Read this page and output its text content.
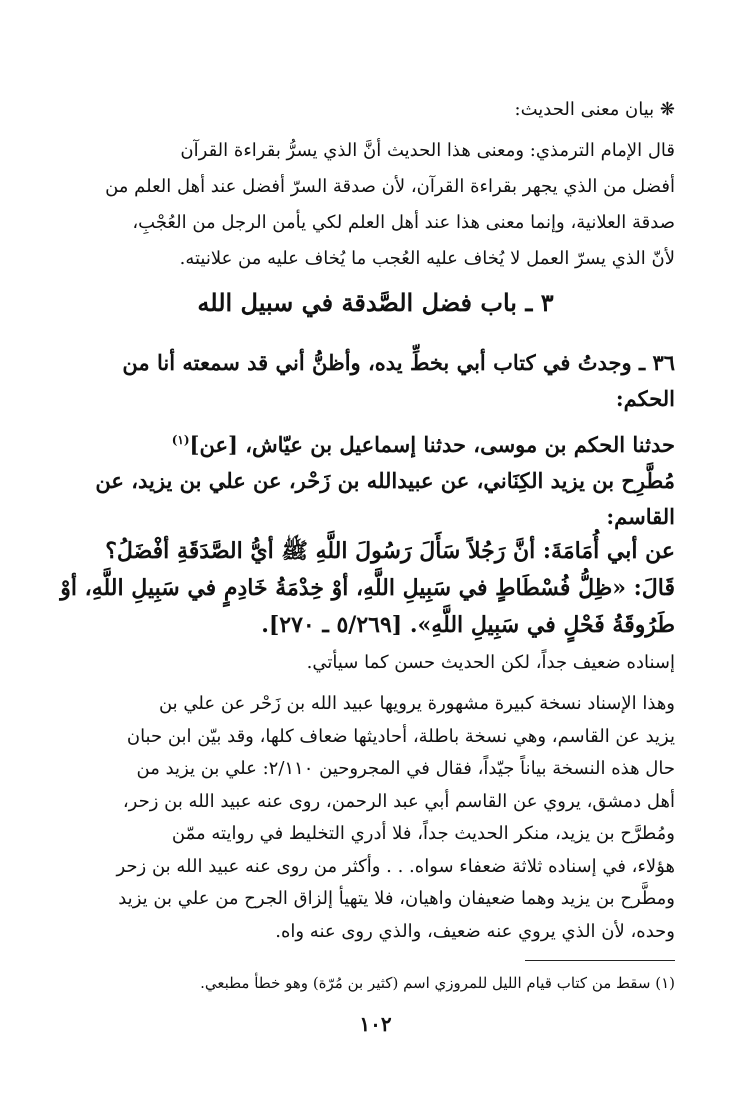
❋ بيان معنى الحديث:

قال الإمام الترمذي: ومعنى هذا الحديث أنَّ الذي يسرُّ بقراءة القرآن
أفضل من الذي يجهر بقراءة القرآن، لأن صدقة السرّ أفضل عند أهل العلم من
صدقة العلانية، وإنما معنى هذا عند أهل العلم لكي يأمن الرجل من العُجْبِ،
لأنّ الذي يسرّ العمل لا يُخاف عليه العُجب ما يُخاف عليه من علانيته.
٣ ـ باب فضل الصَّدقة في سبيل الله
٣٦ ـ وجدتُ في كتاب أبي بخطِّ يده، وأظنُّ أني قد سمعته أنا من
الحكم:
حدثنا الحكم بن موسى، حدثنا إسماعيل بن عيّاش، [عن]$^{(١)}$
مُطَّرِح بن يزيد الكِنَاني، عن عبيدالله بن زَحْر، عن علي بن يزيد، عن
القاسم:
عن أبي أُمَامَةَ: أنَّ رَجُلاً سَأَلَ رَسُولَ اللَّهِ ﷺ أيُّ الصَّدَقَةِ أفْضَلُ؟
قَالَ: «ظِلُّ فُسْطَاطٍ في سَبِيلِ اللَّهِ، أوْ خِدْمَةُ خَادِمٍ في سَبِيلِ اللَّهِ، أوْ
طَرُوقَةُ فَحْلٍ في سَبِيلِ اللَّهِ». [٥/٢٦٩ ـ ٢٧٠].
إسناده ضعيف جداً، لكن الحديث حسن كما سيأتي.
وهذا الإسناد نسخة كبيرة مشهورة يرويها عبيد الله بن زَحْر عن علي بن
يزيد عن القاسم، وهي نسخة باطلة، أحاديثها ضعاف كلها، وقد بيّن ابن حبان
حال هذه النسخة بياناً جيّداً، فقال في المجروحين ٢/١١٠: علي بن يزيد من
أهل دمشق، يروي عن القاسم أبي عبد الرحمن، روى عنه عبيد الله بن زحر،
ومُطرَّح بن يزيد، منكر الحديث جداً، فلا أدري التخليط في روايته ممّن
هؤلاء، في إسناده ثلاثة ضعفاء سواه. . . وأكثر من روى عنه عبيد الله بن زحر
ومطَّرح بن يزيد وهما ضعيفان واهيان، فلا يتهيأ إلزاق الجرح من علي بن يزيد
وحده، لأن الذي يروي عنه ضعيف، والذي روى عنه واه.
(١) سقط من كتاب قيام الليل للمروزي اسم (كثير بن مُرّة) وهو خطأ مطبعي.
١٠٢
